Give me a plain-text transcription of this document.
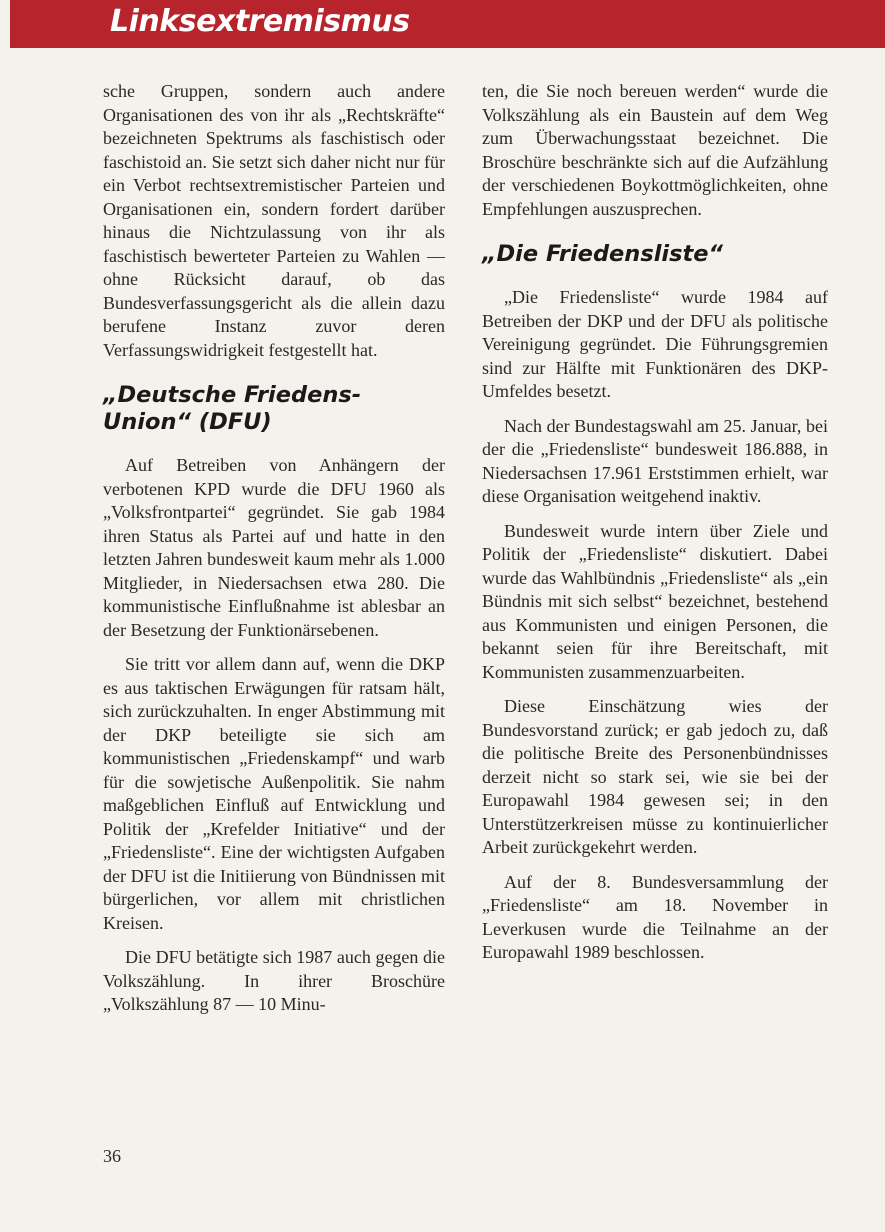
Linksextremismus

sche Gruppen, sondern auch andere Organisationen des von ihr als „Rechtskräfte“ bezeichneten Spektrums als faschistisch oder faschistoid an. Sie setzt sich daher nicht nur für ein Verbot rechtsextremistischer Parteien und Organisationen ein, sondern fordert darüber hinaus die Nichtzulassung von ihr als faschistisch bewerteter Parteien zu Wahlen — ohne Rücksicht darauf, ob das Bundesverfassungsgericht als die allein dazu berufene Instanz zuvor deren Verfassungswidrigkeit festgestellt hat.

„Deutsche Friedens-Union“ (DFU)

Auf Betreiben von Anhängern der verbotenen KPD wurde die DFU 1960 als „Volksfrontpartei“ gegründet. Sie gab 1984 ihren Status als Partei auf und hatte in den letzten Jahren bundesweit kaum mehr als 1.000 Mitglieder, in Niedersachsen etwa 280. Die kommunistische Einflußnahme ist ablesbar an der Besetzung der Funktionärsebenen.

Sie tritt vor allem dann auf, wenn die DKP es aus taktischen Erwägungen für ratsam hält, sich zurückzuhalten. In enger Abstimmung mit der DKP beteiligte sie sich am kommunistischen „Friedenskampf“ und warb für die sowjetische Außenpolitik. Sie nahm maßgeblichen Einfluß auf Entwicklung und Politik der „Krefelder Initiative“ und der „Friedensliste“. Eine der wichtigsten Aufgaben der DFU ist die Initiierung von Bündnissen mit bürgerlichen, vor allem mit christlichen Kreisen.

Die DFU betätigte sich 1987 auch gegen die Volkszählung. In ihrer Broschüre „Volkszählung 87 — 10 Minu-

ten, die Sie noch bereuen werden“ wurde die Volkszählung als ein Baustein auf dem Weg zum Überwachungsstaat bezeichnet. Die Broschüre beschränkte sich auf die Aufzählung der verschiedenen Boykottmöglichkeiten, ohne Empfehlungen auszusprechen.

„Die Friedensliste“

„Die Friedensliste“ wurde 1984 auf Betreiben der DKP und der DFU als politische Vereinigung gegründet. Die Führungsgremien sind zur Hälfte mit Funktionären des DKP-Umfeldes besetzt.

Nach der Bundestagswahl am 25. Januar, bei der die „Friedensliste“ bundesweit 186.888, in Niedersachsen 17.961 Erststimmen erhielt, war diese Organisation weitgehend inaktiv.

Bundesweit wurde intern über Ziele und Politik der „Friedensliste“ diskutiert. Dabei wurde das Wahlbündnis „Friedensliste“ als „ein Bündnis mit sich selbst“ bezeichnet, bestehend aus Kommunisten und einigen Personen, die bekannt seien für ihre Bereitschaft, mit Kommunisten zusammenzuarbeiten.

Diese Einschätzung wies der Bundesvorstand zurück; er gab jedoch zu, daß die politische Breite des Personenbündnisses derzeit nicht so stark sei, wie sie bei der Europawahl 1984 gewesen sei; in den Unterstützerkreisen müsse zu kontinuierlicher Arbeit zurückgekehrt werden.

Auf der 8. Bundesversammlung der „Friedensliste“ am 18. November in Leverkusen wurde die Teilnahme an der Europawahl 1989 beschlossen.

36
